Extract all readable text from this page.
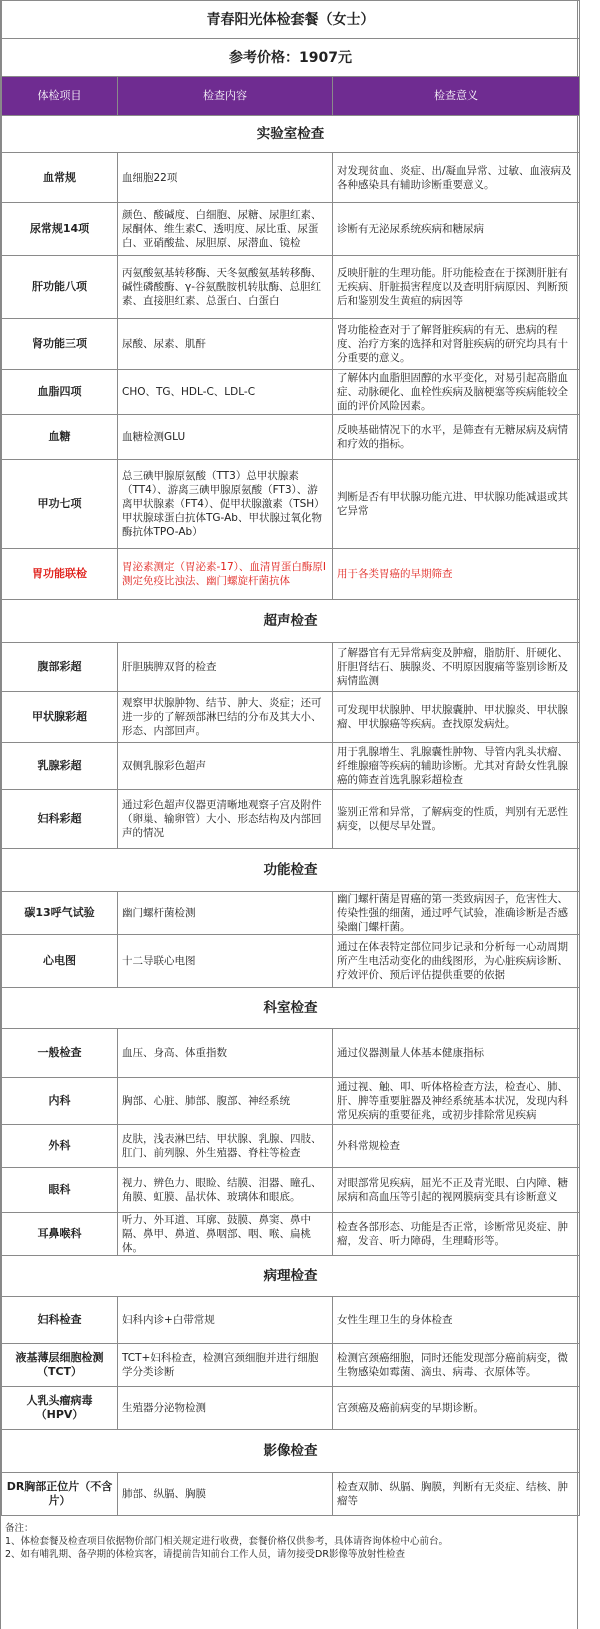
青春阳光体检套餐（女士）		
参考价格：1907元		
体检项目	检查内容	检查意义
实验室检查		
血常规	血细胞22项	对发现贫血、炎症、出/凝血异常、过敏、血液病及各种感染具有辅助诊断重要意义。
尿常规14项	颜色、酸碱度、白细胞、尿糖、尿胆红素、尿酮体、维生素C、透明度、尿比重、尿蛋白、亚硝酸盐、尿胆原、尿潜血、镜检	诊断有无泌尿系统疾病和糖尿病
肝功能八项	丙氨酸氨基转移酶、天冬氨酸氨基转移酶、碱性磷酸酶、γ-谷氨酰胺机转肽酶、总胆红素、直接胆红素、总蛋白、白蛋白	反映肝脏的生理功能。肝功能检查在于探测肝脏有无疾病、肝脏损害程度以及查明肝病原因、判断预后和鉴别发生黄疸的病因等
肾功能三项	尿酸、尿素、肌酐	肾功能检查对于了解肾脏疾病的有无、患病的程度、治疗方案的选择和对肾脏疾病的研究均具有十分重要的意义。
血脂四项	CHO、TG、HDL-C、LDL-C	了解体内血脂胆固醇的水平变化，对易引起高脂血症、动脉硬化、血栓性疾病及脑梗塞等疾病能较全面的评价风险因素。
血糖	血糖检测GLU	反映基础情况下的水平，是筛查有无糖尿病及病情和疗效的指标。
甲功七项	总三碘甲腺原氨酸（TT3）总甲状腺素（TT4）、游离三碘甲腺原氨酸（FT3）、游离甲状腺素（FT4）、促甲状腺激素（TSH） 甲状腺球蛋白抗体TG-Ab、甲状腺过氧化物酶抗体TPO-Ab）	判断是否有甲状腺功能亢进、甲状腺功能减退或其它异常
胃功能联检	胃泌素测定（胃泌素-17）、血清胃蛋白酶原I测定免疫比浊法、幽门螺旋杆菌抗体	用于各类胃癌的早期筛查
超声检查		
腹部彩超	肝胆胰脾双肾的检查	了解器官有无异常病变及肿瘤，脂肪肝、肝硬化、肝胆肾结石、胰腺炎、不明原因腹痛等鉴别诊断及病情监测
甲状腺彩超	观察甲状腺肿物、结节、肿大、炎症；还可进一步的了解颈部淋巴结的分布及其大小、形态、内部回声。	可发现甲状腺肿、甲状腺囊肿、甲状腺炎、甲状腺瘤、甲状腺癌等疾病。查找原发病灶。
乳腺彩超	双侧乳腺彩色超声	用于乳腺增生、乳腺囊性肿物、导管内乳头状瘤、纤维腺瘤等疾病的辅助诊断。尤其对育龄女性乳腺癌的筛查首选乳腺彩超检查
妇科彩超	通过彩色超声仪器更清晰地观察子宫及附件（卵巢、输卵管）大小、形态结构及内部回声的情况	鉴别正常和异常，了解病变的性质，判别有无恶性病变，以便尽早处置。
功能检查		
碳13呼气试验	幽门螺杆菌检测	幽门螺杆菌是胃癌的第一类致病因子，危害性大、传染性强的细菌，通过呼气试验，准确诊断是否感染幽门螺杆菌。
心电图	十二导联心电图	通过在体表特定部位同步记录和分析每一心动周期所产生电活动变化的曲线图形，为心脏疾病诊断、疗效评价、预后评估提供重要的依据
科室检查		
一般检查	血压、身高、体重指数	通过仪器测量人体基本健康指标
内科	胸部、心脏、肺部、腹部、神经系统	通过视、触、叩、听体格检查方法，检查心、肺、肝、脾等重要脏器及神经系统基本状况，发现内科常见疾病的重要征兆，或初步排除常见疾病
外科	皮肤，浅表淋巴结、甲状腺、乳腺、四肢、肛门、前列腺、外生殖器、脊柱等检查	外科常规检查
眼科	视力、辨色力、眼睑、结膜、泪器、瞳孔、角膜、虹膜、晶状体、玻璃体和眼底。	对眼部常见疾病，屈光不正及青光眼、白内障、糖尿病和高血压等引起的视网膜病变具有诊断意义
耳鼻喉科	听力、外耳道、耳廓、鼓膜、鼻窦、鼻中隔、鼻甲、鼻道、鼻咽部、咽、喉、扁桃体。	检查各部形态、功能是否正常，诊断常见炎症、肿瘤，发音、听力障碍，生理畸形等。
病理检查		
妇科检查	妇科内诊+白带常规	女性生理卫生的身体检查
液基薄层细胞检测（TCT）	TCT+妇科检查，检测宫颈细胞并进行细胞学分类诊断	检测宫颈癌细胞，同时还能发现部分癌前病变，微生物感染如霉菌、滴虫、病毒、衣原体等。
人乳头瘤病毒（HPV）	生殖器分泌物检测	宫颈癌及癌前病变的早期诊断。
影像检查		
DR胸部正位片（不含片）	肺部、纵膈、胸膜	检查双肺、纵膈、胸膜，判断有无炎症、结核、肿瘤等
备注：
1、体检套餐及检查项目依据物价部门相关规定进行收费，套餐价格仅供参考，具体请咨询体检中心前台。
2、如有哺乳期、备孕期的体检宾客，请提前告知前台工作人员，请勿接受DR影像等放射性检查
